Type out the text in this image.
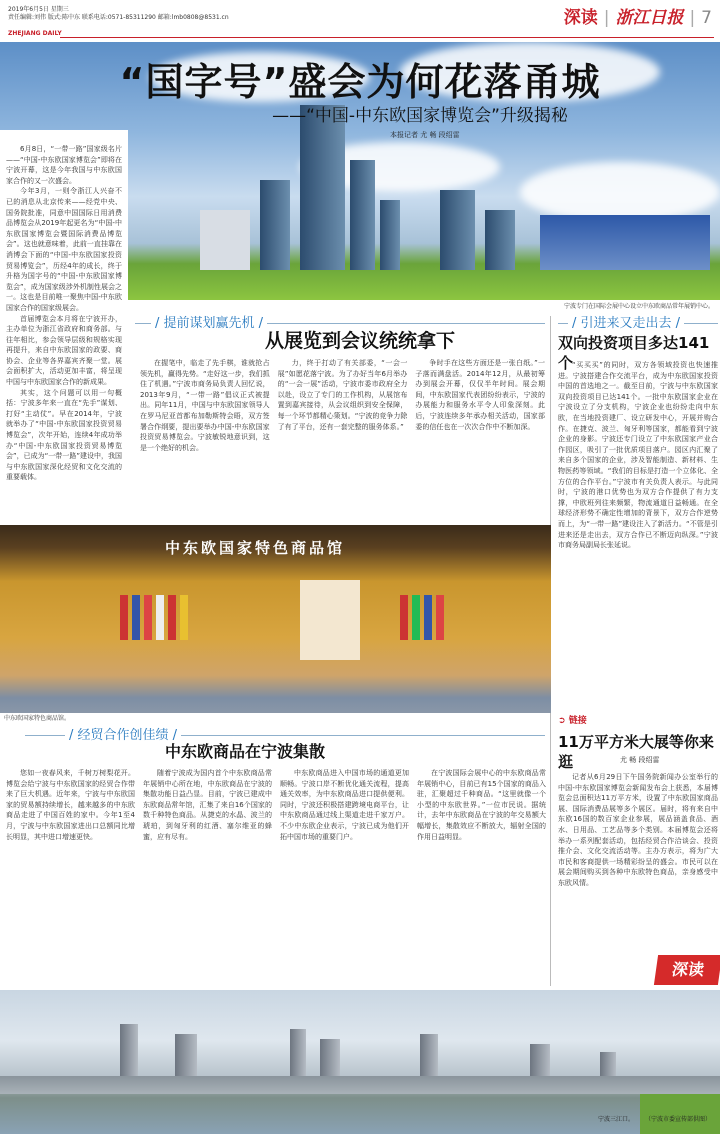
2019年6月5日 星期三
责任编辑:刘伟 版式:陈中东 联系电话:0571-85311290 邮箱:lmb0808@8531.cn
ZHEJIANG DAILY
深读 | 浙江日报 | 7
“国字号”盛会为何花落甬城
——“中国-中东欧国家博览会”升级揭秘
本报记者 尤 畅 段绍雷

6月8日，“一带一路”国家级名片——“中国-中东欧国家博览会”即将在宁波开幕，这是今年我国与中东欧国家合作的又一次盛会。

今年3月，一则令浙江人兴奋不已的消息从北京传来——经党中央、国务院批准，同意中国国际日用消费品博览会从2019年起更名为“中国-中东欧国家博览会暨国际消费品博览会”。这也就意味着，此前一直挂靠在消博会下面的“中国-中东欧国家投资贸易博览会”，历经4年的成长，终于升格为国字号的“中国-中东欧国家博览会”，成为国家级涉外机制性展会之一。这也是目前唯一聚焦中国-中东欧国家合作的国家级展会。

首届博览会本月将在宁波开办，主办单位为浙江省政府和商务部。与往年相比，参会领导层级和规格实现再提升，来自中东欧国家的政要、商协会、企业等各界嘉宾齐聚一堂。展会面积扩大，活动更加丰富，将呈现中国与中东欧国家合作的新成果。

其实，这个问题可以用一句概括：宁波多年来一直在“先手”谋划、打好“主动仗”。早在2014年，宁波就举办了“中国-中东欧国家投资贸易博览会”，次年开始，连续4年成功举办“中国-中东欧国家投资贸易博览会”，已成为“一带一路”建设中，我国与中东欧国家深化经贸和文化交流的重要载体。

宁波专门在国际会展中心设立中东欧商品常年展销中心。
/ 提前谋划赢先机 /
从展览到会议统统拿下

在握笔中，临走了先手棋，谁就抢占领先机，赢得先势。“走好这一步，我们抓住了机遇。”宁波市商务局负责人回忆说，2013年9月，“一带一路”倡议正式被提出。同年11月，中国与中东欧国家领导人在罗马尼亚首都布加勒斯特会晤，双方签署合作纲要，提出要举办中国-中东欧国家投资贸易博览会。宁波敏锐地意识到，这是一个绝好的机会。

力，终于打动了有关部委，“一会一展”如愿花落宁波。为了办好当年6月举办的“一会一展”活动，宁波市委市政府全力以赴，设立了专门的工作机构，从展馆布置到嘉宾接待，从会议组织到安全保障，每一个环节都精心策划。“宁波的竞争力除了有了平台，还有一套完整的服务体系。”

争时手在这些方面还是一张白纸。”一子落而满盘活。2014年12月，从最初筹办到展会开幕，仅仅半年时间。展会期间，中东欧国家代表团纷纷表示，宁波的办展能力和服务水平令人印象深刻。此后，宁波连续多年承办相关活动，国家部委的信任也在一次次合作中不断加深。

/ 引进来又走出去 /
双向投资项目多达141个

“买买买”的同时，双方各领域投资也快速推进。宁波搭建合作交流平台，成为中东欧国家投资中国的首选地之一。截至目前，宁波与中东欧国家双向投资项目已达141个。一批中东欧国家企业在宁波设立了分支机构，宁波企业也纷纷走向中东欧，在当地投资建厂、设立研发中心，开展并购合作。在捷克、波兰、匈牙利等国家，都能看到宁波企业的身影。宁波还专门设立了中东欧国家产业合作园区，吸引了一批优质项目落户。园区内汇聚了来自多个国家的企业，涉及智能制造、新材料、生物医药等领域。“我们的目标是打造一个立体化、全方位的合作平台。”宁波市有关负责人表示。与此同时，宁波的港口优势也为双方合作提供了有力支撑，中欧班列往来频繁，物流通道日益畅通。在全球经济形势不确定性增加的背景下，双方合作逆势而上，为“一带一路”建设注入了新活力。“不管是引进来还是走出去，双方合作已不断迈向纵深。”宁波市商务局副局长张延说。

中东欧国家特色商品馆
中东欧国家特色商品馆。
/ 经贸合作创佳绩 /
中东欧商品在宁波集散

您如一夜春风来，千树万树梨花开。博览会给宁波与中东欧国家的经贸合作带来了巨大机遇。近年来，宁波与中东欧国家的贸易额持续增长，越来越多的中东欧商品走进了中国百姓的家中。今年1至4月，宁波与中东欧国家进出口总额同比增长明显，其中进口增速更快。

随着宁波成为国内首个中东欧商品常年展销中心所在地，中东欧商品在宁波的集散功能日益凸显。目前，宁波已建成中东欧商品常年馆，汇集了来自16个国家的数千种特色商品。从捷克的水晶、波兰的琥珀，到匈牙利的红酒、塞尔维亚的蜂蜜，应有尽有。

中东欧商品进入中国市场的通道更加顺畅。宁波口岸不断优化通关流程，提高通关效率，为中东欧商品进口提供便利。同时，宁波还积极搭建跨境电商平台，让中东欧商品通过线上渠道走进千家万户。不少中东欧企业表示，宁波已成为他们开拓中国市场的重要门户。

在宁波国际会展中心的中东欧商品常年展销中心，目前已有15个国家的商品入驻，汇聚超过千种商品。“这里就像一个小型的中东欧世界。”一位市民说。据统计，去年中东欧商品在宁波的年交易额大幅增长，集散效应不断放大，辐射全国的作用日益明显。

➲ 链接
11万平方米大展等你来逛	尤 畅 段绍雷

记者从6月29日下午国务院新闻办公室举行的中国-中东欧国家博览会新闻发布会上获悉，本届博览会总面积达11万平方米，设置了中东欧国家商品展、国际消费品展等多个展区。届时，将有来自中东欧16国的数百家企业参展，展品涵盖食品、酒水、日用品、工艺品等多个类别。本届博览会还将举办一系列配套活动，包括经贸合作洽谈会、投资推介会、文化交流活动等。主办方表示，将为广大市民和客商提供一场精彩纷呈的盛会。市民可以在展会期间购买到各种中东欧特色商品，亲身感受中东欧风情。

深读
宁波三江口。 （宁波市委宣传部供图）
